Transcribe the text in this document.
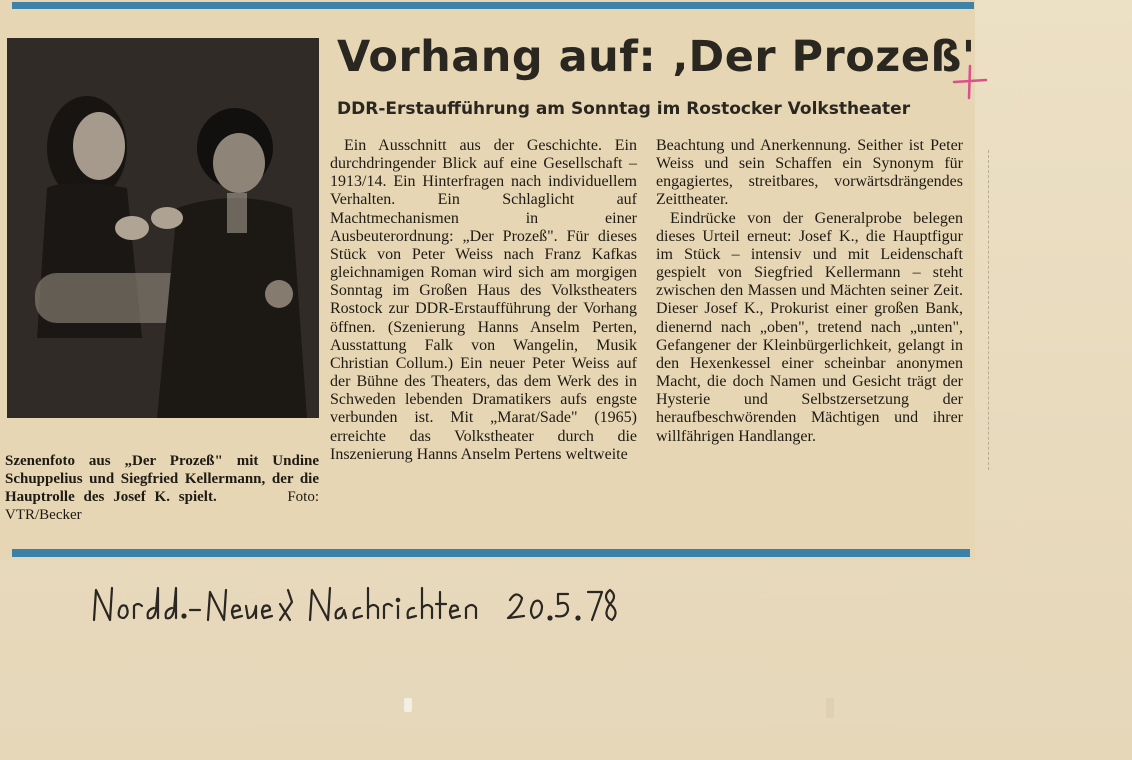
Vorhang auf: ‚Der Prozeß'
DDR-Erstaufführung am Sonntag im Rostocker Volkstheater

Ein Ausschnitt aus der Geschichte. Ein durchdringender Blick auf eine Gesellschaft – 1913/14. Ein Hinterfragen nach individuellem Verhalten. Ein Schlaglicht auf Machtmechanismen in einer Ausbeuterordnung: „Der Prozeß". Für dieses Stück von Peter Weiss nach Franz Kafkas gleichnamigen Roman wird sich am morgigen Sonntag im Großen Haus des Volkstheaters Rostock zur DDR-Erstaufführung der Vorhang öffnen. (Szenierung Hanns Anselm Perten, Ausstattung Falk von Wangelin, Musik Christian Collum.) Ein neuer Peter Weiss auf der Bühne des Theaters, das dem Werk des in Schweden lebenden Dramatikers aufs engste verbunden ist. Mit „Marat/Sade" (1965) erreichte das Volkstheater durch die Inszenierung Hanns Anselm Pertens weltweite

Beachtung und Anerkennung. Seither ist Peter Weiss und sein Schaffen ein Synonym für engagiertes, streitbares, vorwärtsdrängendes Zeittheater.

Eindrücke von der Generalprobe belegen dieses Urteil erneut: Josef K., die Hauptfigur im Stück – intensiv und mit Leidenschaft gespielt von Siegfried Kellermann – steht zwischen den Massen und Mächten seiner Zeit. Dieser Josef K., Prokurist einer großen Bank, dienernd nach „oben", tretend nach „unten", Gefangener der Kleinbürgerlichkeit, gelangt in den Hexenkessel einer scheinbar anonymen Macht, die doch Namen und Gesicht trägt der Hysterie und Selbstzersetzung der heraufbeschwörenden Mächtigen und ihrer willfährigen Handlanger.

Szenenfoto aus „Der Prozeß" mit Undine Schuppelius und Siegfried Kellermann, der die Hauptrolle des Josef K. spielt.	Foto: VTR/Becker
Nordd. Neueste Nachrichten 20.5.78
